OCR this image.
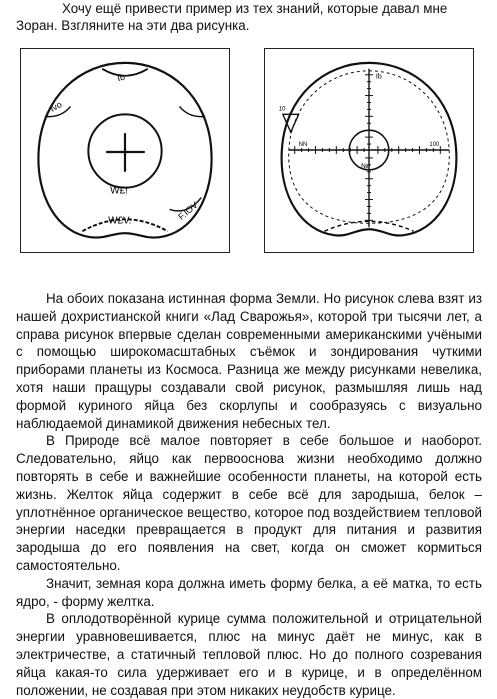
Хочу ещё привести пример из тех знаний, которые давал мне
Зоран. Взгляните на эти два рисунка.
Ib
Ivo
W£!
W£V.	F.IOV
10
Ib
№
NN	100

На обоих показана истинная форма Земли. Но рисунок слева взят из нашей дохристианской книги «Лад Сварожья», которой три тысячи лет, а справа рисунок впервые сделан современными американскими учёными с помощью широкомасштабных съёмок и зондирования чуткими приборами планеты из Космоса. Разница же между рисунками невелика, хотя наши пращуры создавали свой рисунок, размышляя лишь над формой куриного яйца без скорлупы и сообразуясь с визуально наблюдаемой динамикой движения небесных тел.

В Природе всё малое повторяет в себе большое и наоборот. Следовательно, яйцо как первооснова жизни необходимо должно повторять в себе и важнейшие особенности планеты, на которой есть жизнь. Желток яйца содержит в себе всё для зародыша, белок – уплотнённое органическое вещество, которое под воздействием тепловой энергии наседки превращается в продукт для питания и развития зародыша до его появления на свет, когда он сможет кормиться самостоятельно.

Значит, земная кора должна иметь форму белка, а её матка, то есть ядро, - форму желтка.

В оплодотворённой курице сумма положительной и отрицательной энергии уравновешивается, плюс на минус даёт не минус, как в электричестве, а статичный тепловой плюс. Но до полного созревания яйца какая-то сила удерживает его и в курице, и в определённом положении, не создавая при этом никаких неудобств курице.
